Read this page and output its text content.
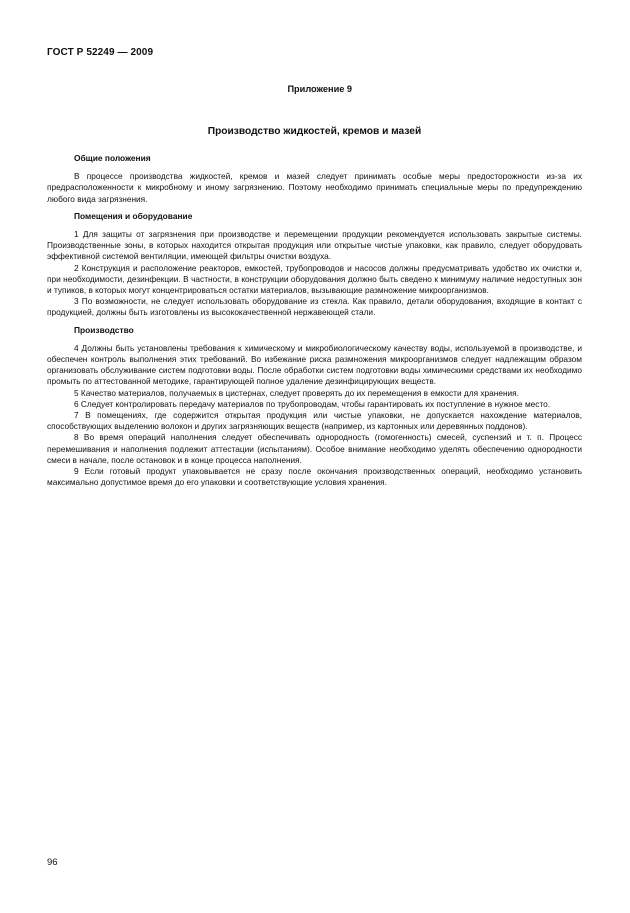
ГОСТ Р 52249 — 2009
Приложение 9
Производство жидкостей, кремов и мазей
Общие положения

В процессе производства жидкостей, кремов и мазей следует принимать особые меры предосторожности из-за их предрасположенности к микробному и иному загрязнению. Поэтому необходимо принимать специальные меры по предупреждению любого вида загрязнения.

Помещения и оборудование

1 Для защиты от загрязнения при производстве и перемещении продукции рекомендуется использовать закрытые системы. Производственные зоны, в которых находится открытая продукция или открытые чистые упаковки, как правило, следует оборудовать эффективной системой вентиляции, имеющей фильтры очистки воздуха.

2 Конструкция и расположение реакторов, емкостей, трубопроводов и насосов должны предусматривать удобство их очистки и, при необходимости, дезинфекции. В частности, в конструкции оборудования должно быть сведено к минимуму наличие недоступных зон и тупиков, в которых могут концентрироваться остатки материалов, вызывающие размножение микроорганизмов.

3 По возможности, не следует использовать оборудование из стекла. Как правило, детали оборудования, входящие в контакт с продукцией, должны быть изготовлены из высококачественной нержавеющей стали.

Производство

4 Должны быть установлены требования к химическому и микробиологическому качеству воды, используемой в производстве, и обеспечен контроль выполнения этих требований. Во избежание риска размножения микроорганизмов следует надлежащим образом организовать обслуживание систем подготовки воды. После обработки систем подготовки воды химическими средствами их необходимо промыть по аттестованной методике, гарантирующей полное удаление дезинфицирующих веществ.

5 Качество материалов, получаемых в цистернах, следует проверять до их перемещения в емкости для хранения.

6 Следует контролировать передачу материалов по трубопроводам, чтобы гарантировать их поступление в нужное место.

7 В помещениях, где содержится открытая продукция или чистые упаковки, не допускается нахождение материалов, способствующих выделению волокон и других загрязняющих веществ (например, из картонных или деревянных поддонов).

8 Во время операций наполнения следует обеспечивать однородность (гомогенность) смесей, суспензий и т. п. Процесс перемешивания и наполнения подлежит аттестации (испытаниям). Особое внимание необходимо уделять обеспечению однородности смеси в начале, после остановок и в конце процесса наполнения.

9 Если готовый продукт упаковывается не сразу после окончания производственных операций, необходимо установить максимально допустимое время до его упаковки и соответствующие условия хранения.

96
